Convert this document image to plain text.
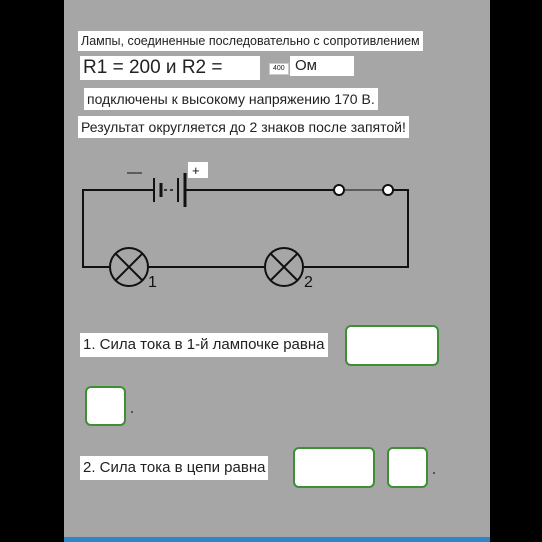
Лампы, соединенные последовательно с сопротивлением
R1 = 200 и R2 =	400 Ом
подключены к высокому напряжению 170 В.
Результат округляется до 2 знаков после запятой!
—	+
1	2
1. Сила тока в 1-й лампочке равна
2. Сила тока в цепи равна
